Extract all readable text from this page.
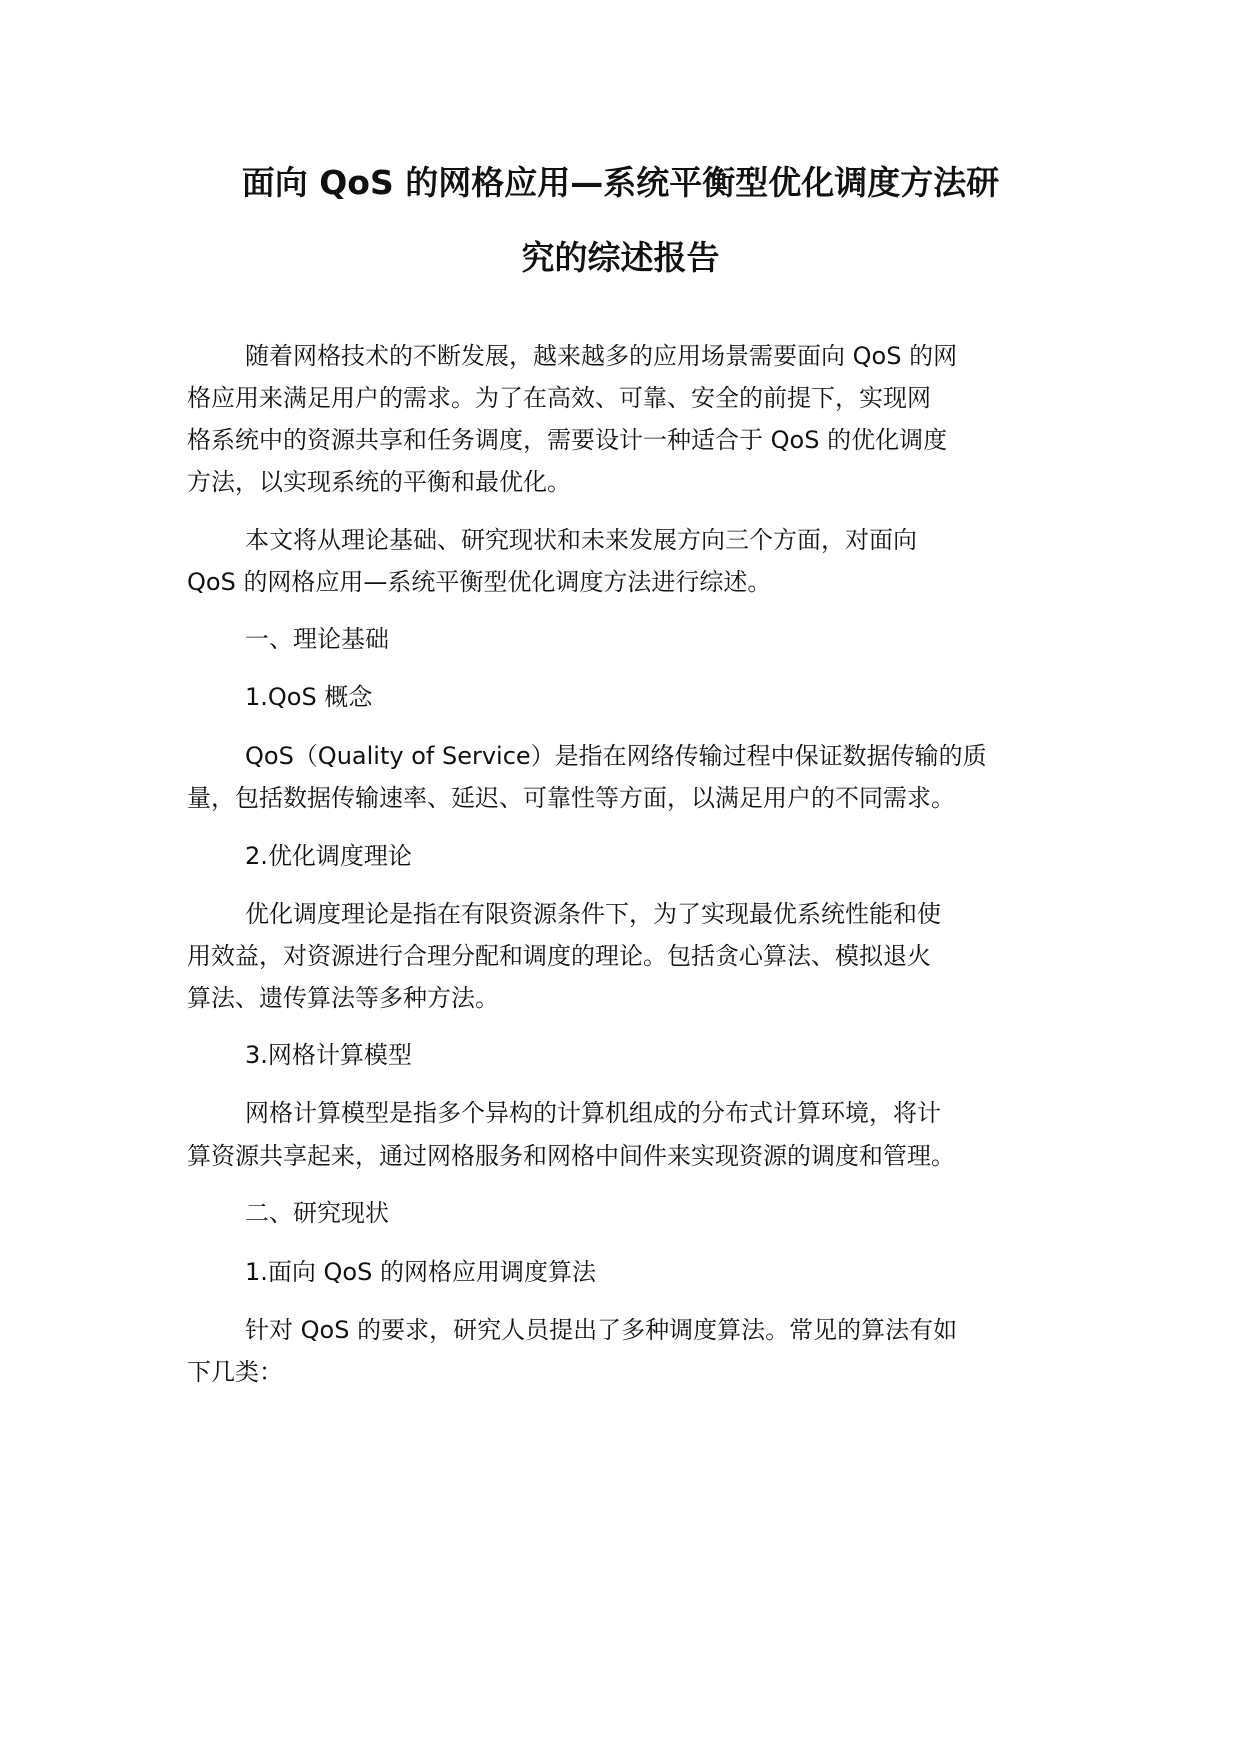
面向 QoS 的网格应用—系统平衡型优化调度方法研
究的综述报告
随着网格技术的不断发展，越来越多的应用场景需要面向 QoS 的网
格应用来满足用户的需求。为了在高效、可靠、安全的前提下，实现网
格系统中的资源共享和任务调度，需要设计一种适合于 QoS 的优化调度
方法，以实现系统的平衡和最优化。
本文将从理论基础、研究现状和未来发展方向三个方面，对面向
QoS 的网格应用—系统平衡型优化调度方法进行综述。
一、理论基础
1.QoS 概念
QoS（Quality of Service）是指在网络传输过程中保证数据传输的质
量，包括数据传输速率、延迟、可靠性等方面，以满足用户的不同需求。
2.优化调度理论
优化调度理论是指在有限资源条件下，为了实现最优系统性能和使
用效益，对资源进行合理分配和调度的理论。包括贪心算法、模拟退火
算法、遗传算法等多种方法。
3.网格计算模型
网格计算模型是指多个异构的计算机组成的分布式计算环境，将计
算资源共享起来，通过网格服务和网格中间件来实现资源的调度和管理。
二、研究现状
1.面向 QoS 的网格应用调度算法
针对 QoS 的要求，研究人员提出了多种调度算法。常见的算法有如
下几类：
